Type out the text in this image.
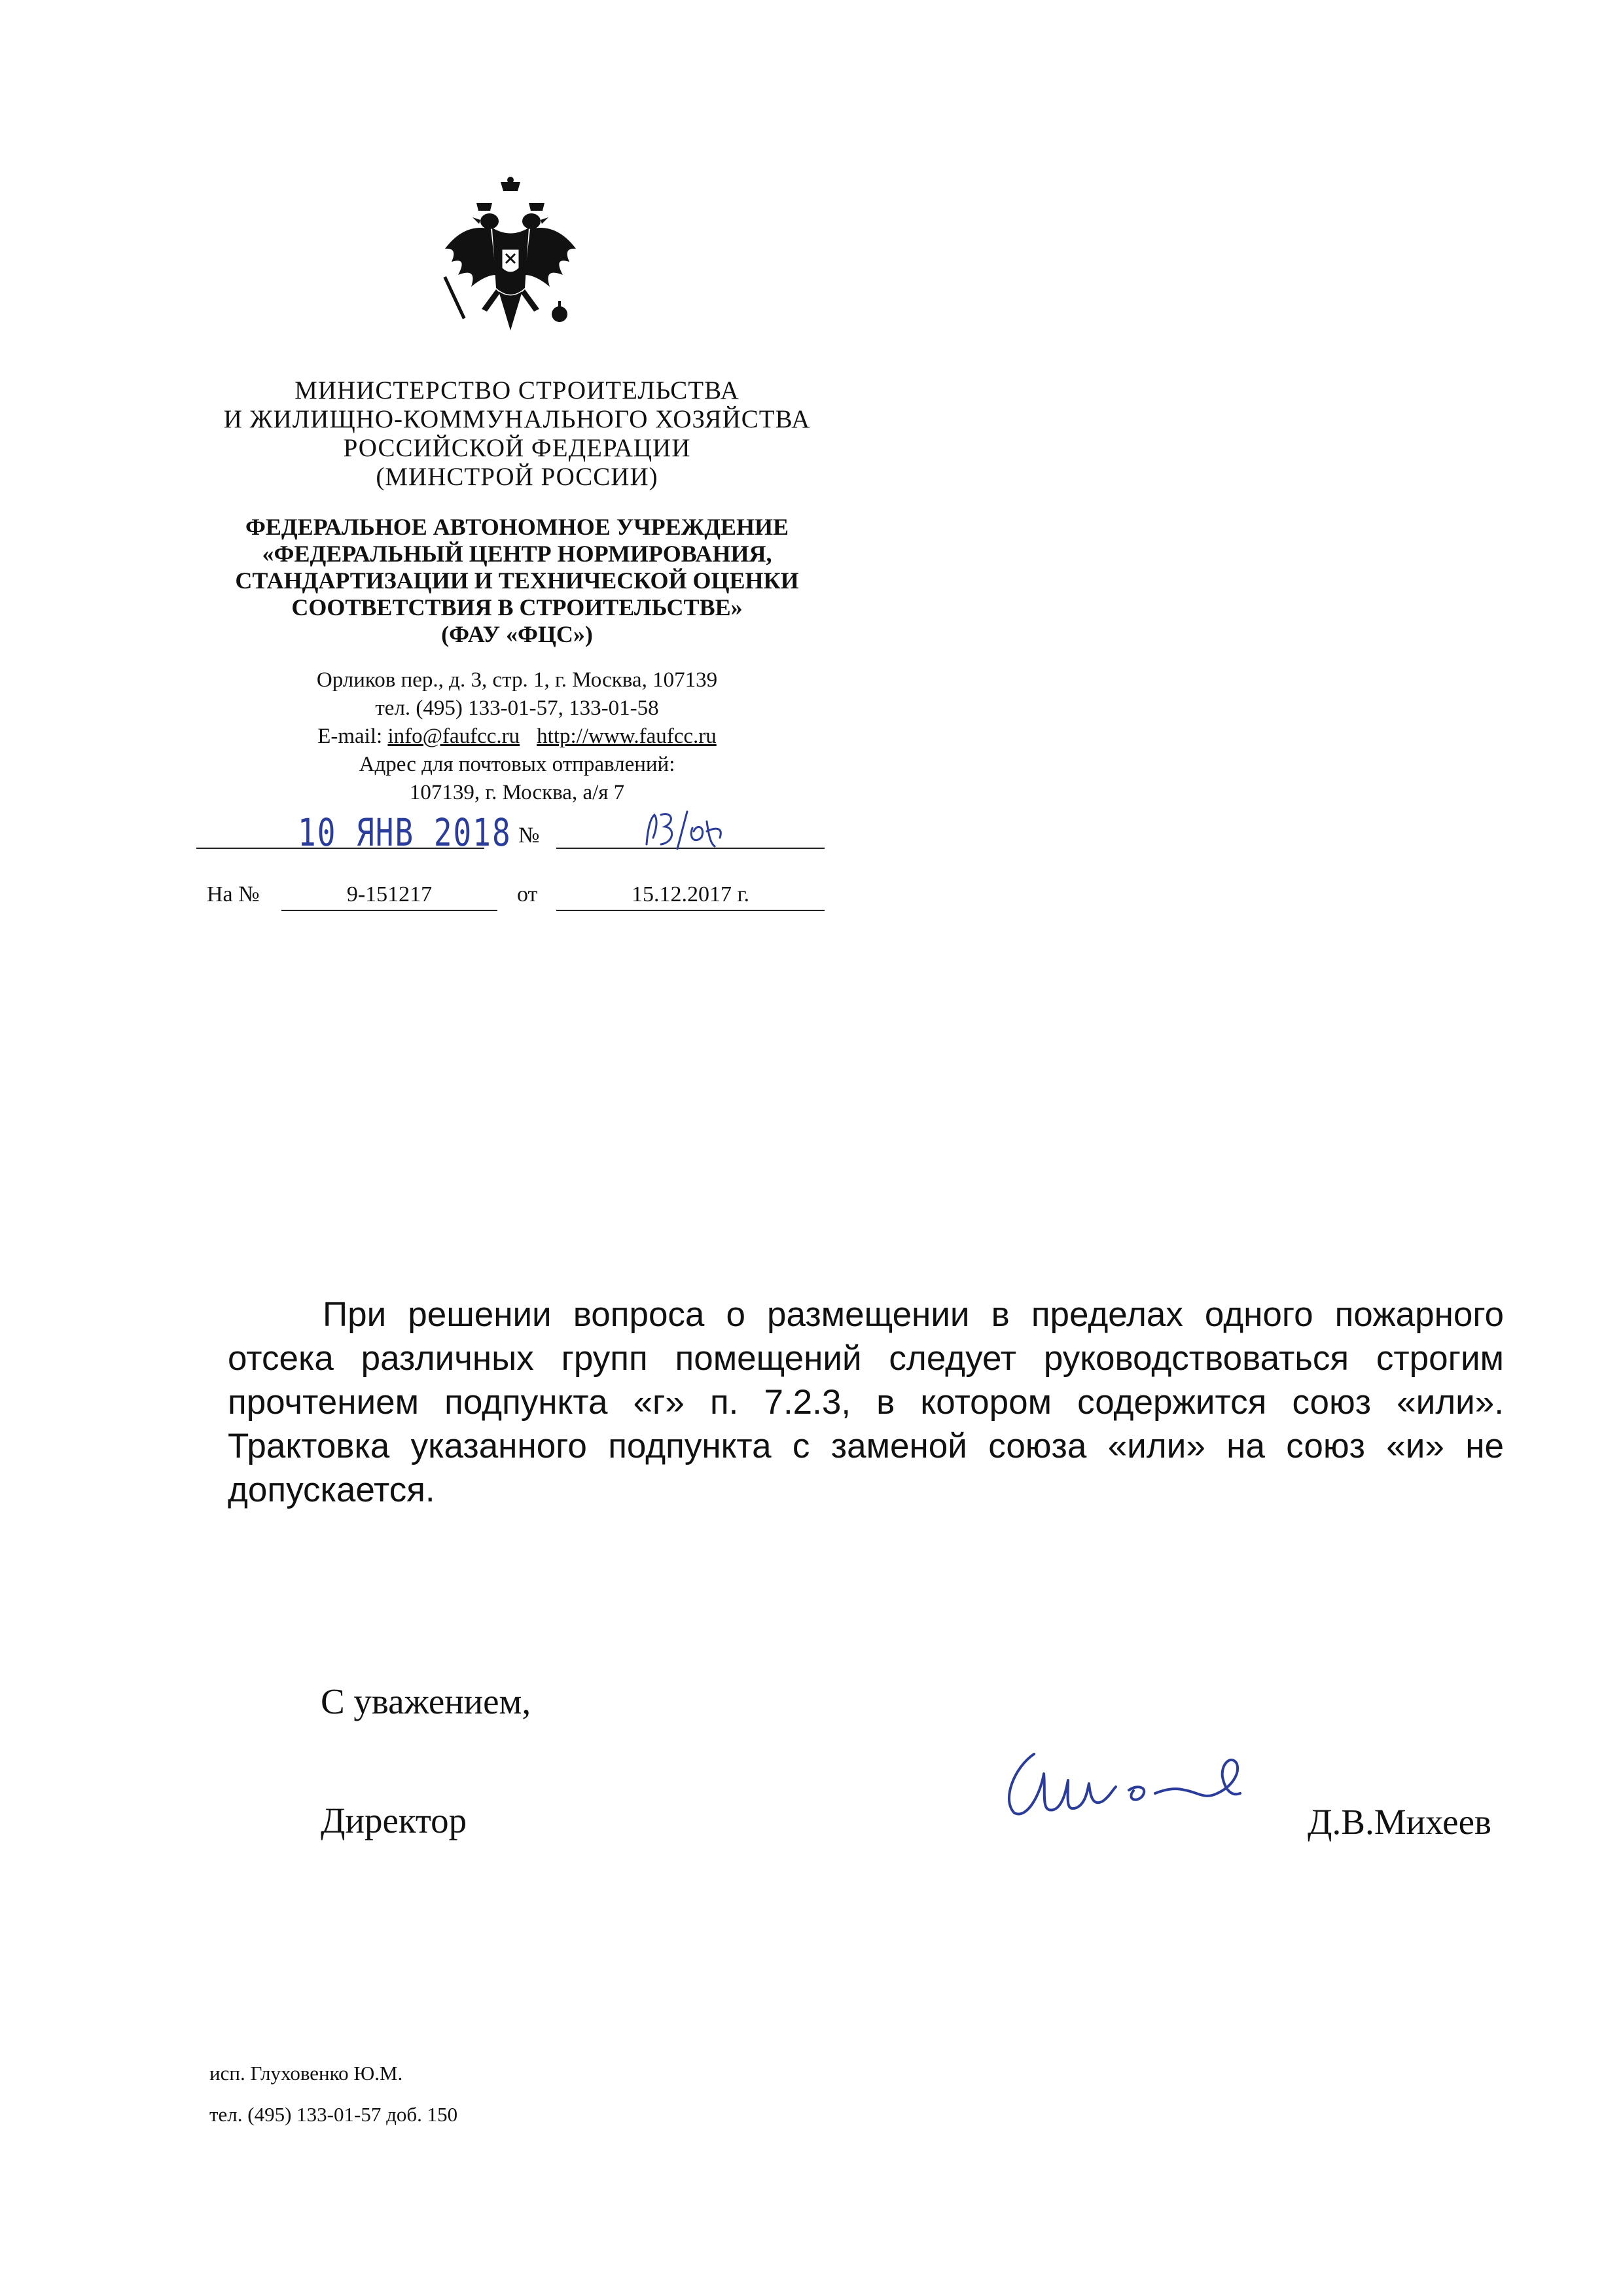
МИНИСТЕРСТВО СТРОИТЕЛЬСТВА
И ЖИЛИЩНО-КОММУНАЛЬНОГО ХОЗЯЙСТВА
РОССИЙСКОЙ ФЕДЕРАЦИИ
(МИНСТРОЙ РОССИИ)
ФЕДЕРАЛЬНОЕ АВТОНОМНОЕ УЧРЕЖДЕНИЕ
«ФЕДЕРАЛЬНЫЙ ЦЕНТР НОРМИРОВАНИЯ,
СТАНДАРТИЗАЦИИ И ТЕХНИЧЕСКОЙ ОЦЕНКИ
СООТВЕТСТВИЯ В СТРОИТЕЛЬСТВЕ»
(ФАУ «ФЦС»)
Орликов пер., д. 3, стр. 1, г. Москва, 107139
тел. (495) 133-01-57, 133-01-58
E-mail: info@faufcc.ru http://www.faufcc.ru
Адрес для почтовых отправлений:
107139, г. Москва, а/я 7
10 ЯНВ 2018 №
На №	9-151217	от	15.12.2017 г.
При решении вопроса о размещении в пределах одного пожарного отсека различных групп помещений следует руководствоваться строгим прочтением подпункта «г» п. 7.2.3, в котором содержится союз «или». Трактовка указанного подпункта с заменой союза «или» на союз «и» не допускается.
С уважением,
Директор	Д.В.Михеев
исп. Глуховенко Ю.М.
тел. (495) 133-01-57 доб. 150
